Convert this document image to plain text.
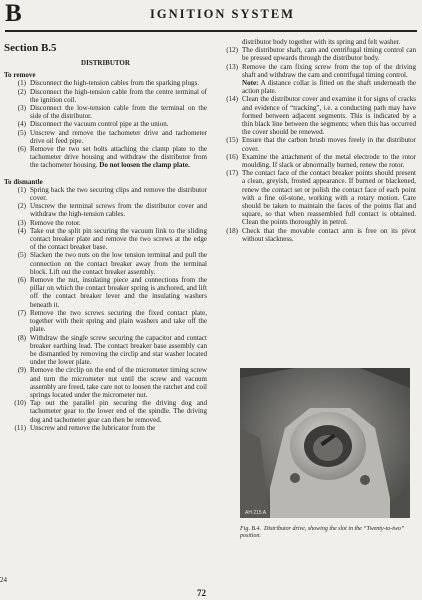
B	IGNITION SYSTEM
Section B.5
DISTRIBUTOR
To remove
(1) Disconnect the high-tension cables from the sparking plugs.
(2) Disconnect the high-tension cable from the centre terminal of the ignition coil.
(3) Disconnect the low-tension cable from the terminal on the side of the distributor.
(4) Disconnect the vacuum control pipe at the union.
(5) Unscrew and remove the tachometer drive and tachometer drive oil feed pipe.
(6) Remove the two set bolts attaching the clamp plate to the tachometer drive housing and withdraw the distributor from the tachometer housing. Do not loosen the clamp plate.
To dismantle
(1) Spring back the two securing clips and remove the distributor cover.
(2) Unscrew the terminal screws from the distributor cover and withdraw the high-tension cables.
(3) Remove the rotor.
(4) Take out the split pin securing the vacuum link to the sliding contact breaker plate and remove the two screws at the edge of the contact breaker base.
(5) Slacken the two nuts on the low tension terminal and pull the connection on the contact breaker away from the terminal block. Lift out the contact breaker assembly.
(6) Remove the nut, insulating piece and connections from the pillar on which the contact breaker spring is anchored, and lift off the contact breaker lever and the insulating washers beneath it.
(7) Remove the two screws securing the fixed contact plate, together with their spring and plain washers and take off the plate.
(8) Withdraw the single screw securing the capacitor and contact breaker earthing lead. The contact breaker base assembly can be dismantled by removing the circlip and star washer located under the lower plate.
(9) Remove the circlip on the end of the micrometer timing screw and turn the micrometer nut until the screw and vacuum assembly are freed, take care not to loosen the ratchet and coil springs located under the micrometer nut.
(10) Tap out the parallel pin securing the driving dog and tachometer gear to the lower end of the spindle. The driving dog and tachometer gear can then be removed.
(11) Unscrew and remove the lubricator from the
distributor body together with its spring and felt washer.
(12) The distributor shaft, cam and centrifugal timing control can be pressed upwards through the distributor body.
(13) Remove the cam fixing screw from the top of the driving shaft and withdraw the cam and centrifugal timing control.
Note: A distance collar is fitted on the shaft underneath the action plate.
(14) Clean the distributor cover and examine it for signs of cracks and evidence of “tracking”, i.e. a conducting path may have formed between adjacent segments. This is indicated by a thin black line between the segments; when this has occurred the cover should be renewed.
(15) Ensure that the carbon brush moves freely in the distributor cover.
(16) Examine the attachment of the metal electrode to the rotor moulding. If slack or abnormally burned, renew the rotor.
(17) The contact face of the contact breaker points should present a clean, greyish, frosted appearance. If burned or blackened, renew the contact set or polish the contact face of each point with a fine oil-stone, working with a rotary motion. Care should be taken to maintain the faces of the points flat and square, so that when reassembled full contact is obtained. Clean the points thoroughly in petrol.
(18) Check that the movable contact arm is free on its pivot without slackness.
AH 215 A
Fig. B.4. Distributor drive, showing the slot in the “Twenty-to-two” position.
24
72
